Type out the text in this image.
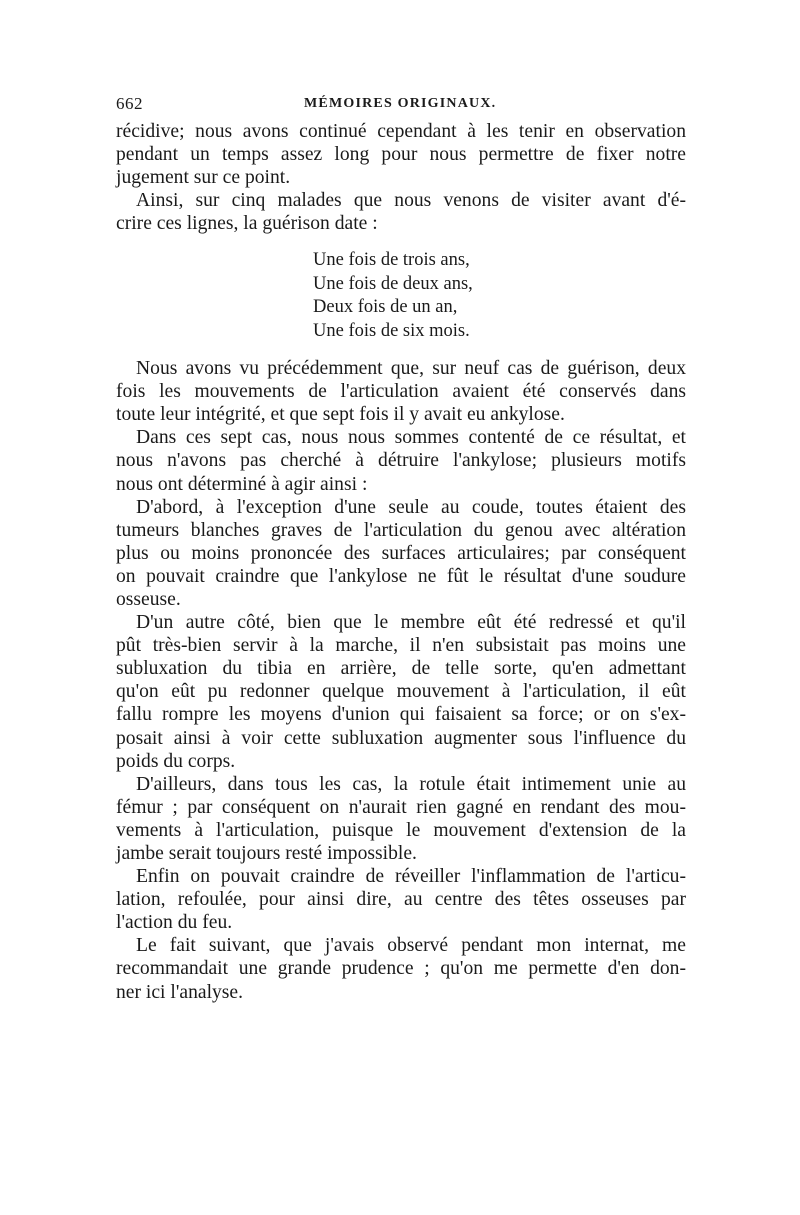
662	MÉMOIRES ORIGINAUX.
récidive; nous avons continué cependant à les tenir en observation
pendant un temps assez long pour nous permettre de fixer notre
jugement sur ce point.
Ainsi, sur cinq malades que nous venons de visiter avant d'é-
crire ces lignes, la guérison date :
Une fois de trois ans,
Une fois de deux ans,
Deux fois de un an,
Une fois de six mois.
Nous avons vu précédemment que, sur neuf cas de guérison, deux
fois les mouvements de l'articulation avaient été conservés dans
toute leur intégrité, et que sept fois il y avait eu ankylose.
Dans ces sept cas, nous nous sommes contenté de ce résultat, et
nous n'avons pas cherché à détruire l'ankylose; plusieurs motifs
nous ont déterminé à agir ainsi :
D'abord, à l'exception d'une seule au coude, toutes étaient des
tumeurs blanches graves de l'articulation du genou avec altération
plus ou moins prononcée des surfaces articulaires; par conséquent
on pouvait craindre que l'ankylose ne fût le résultat d'une soudure
osseuse.
D'un autre côté, bien que le membre eût été redressé et qu'il
pût très-bien servir à la marche, il n'en subsistait pas moins une
subluxation du tibia en arrière, de telle sorte, qu'en admettant
qu'on eût pu redonner quelque mouvement à l'articulation, il eût
fallu rompre les moyens d'union qui faisaient sa force; or on s'ex-
posait ainsi à voir cette subluxation augmenter sous l'influence du
poids du corps.
D'ailleurs, dans tous les cas, la rotule était intimement unie au
fémur ; par conséquent on n'aurait rien gagné en rendant des mou-
vements à l'articulation, puisque le mouvement d'extension de la
jambe serait toujours resté impossible.
Enfin on pouvait craindre de réveiller l'inflammation de l'articu-
lation, refoulée, pour ainsi dire, au centre des têtes osseuses par
l'action du feu.
Le fait suivant, que j'avais observé pendant mon internat, me
recommandait une grande prudence ; qu'on me permette d'en don-
ner ici l'analyse.
